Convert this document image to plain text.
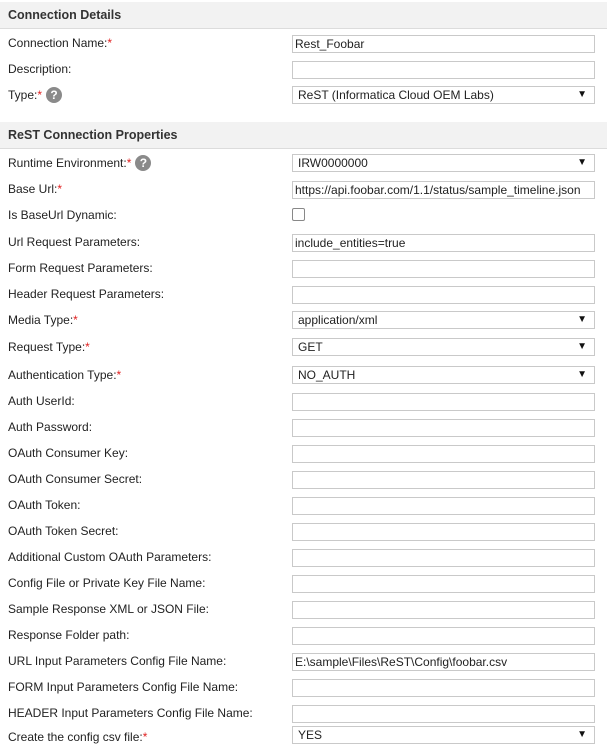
Connection Details
Connection Name:*
Rest_Foobar
Description:
Type:* ?	ReST (Informatica Cloud OEM Labs)	▼
ReST Connection Properties
Runtime Environment:* ?	IRW0000000	▼
Base Url:*
https://api.foobar.com/1.1/status/sample_timeline.json
Is BaseUrl Dynamic:
Url Request Parameters:
include_entities=true
Form Request Parameters:
Header Request Parameters:
Media Type:*	application/xml	▼
Request Type:*	GET	▼
Authentication Type:*	NO_AUTH	▼
Auth UserId:
Auth Password:
OAuth Consumer Key:
OAuth Consumer Secret:
OAuth Token:
OAuth Token Secret:
Additional Custom OAuth Parameters:
Config File or Private Key File Name:
Sample Response XML or JSON File:
Response Folder path:
URL Input Parameters Config File Name:
E:\sample\Files\ReST\Config\foobar.csv
FORM Input Parameters Config File Name:
HEADER Input Parameters Config File Name:
Create the config csv file:*	YES	▼
